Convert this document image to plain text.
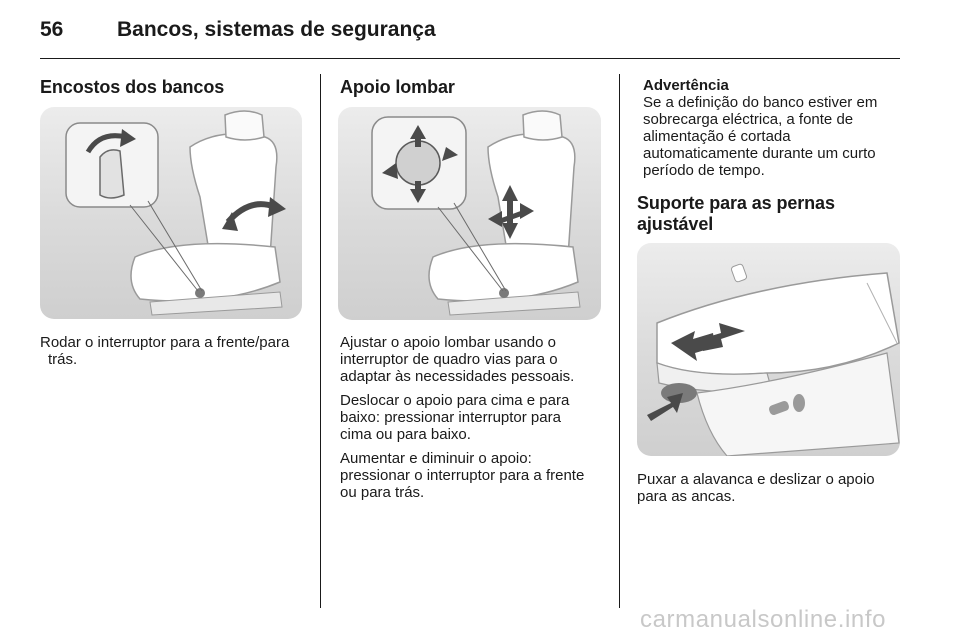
56	Bancos, sistemas de segurança
Encostos dos bancos

Rodar o interruptor para a frente/para

trás.

Apoio lombar

Ajustar o apoio lombar usando o

interruptor de quadro vias para o

adaptar às necessidades pessoais.

Deslocar o apoio para cima e para

baixo: pressionar interruptor para

cima ou para baixo.

Aumentar e diminuir o apoio:

pressionar o interruptor para a frente

ou para trás.

Advertência

Se a definição do banco estiver em

sobrecarga eléctrica, a fonte de

alimentação é cortada

automaticamente durante um curto

período de tempo.

Suporte para as pernas
ajustável

Puxar a alavanca e deslizar o apoio

para as ancas.

carmanualsonline.info
